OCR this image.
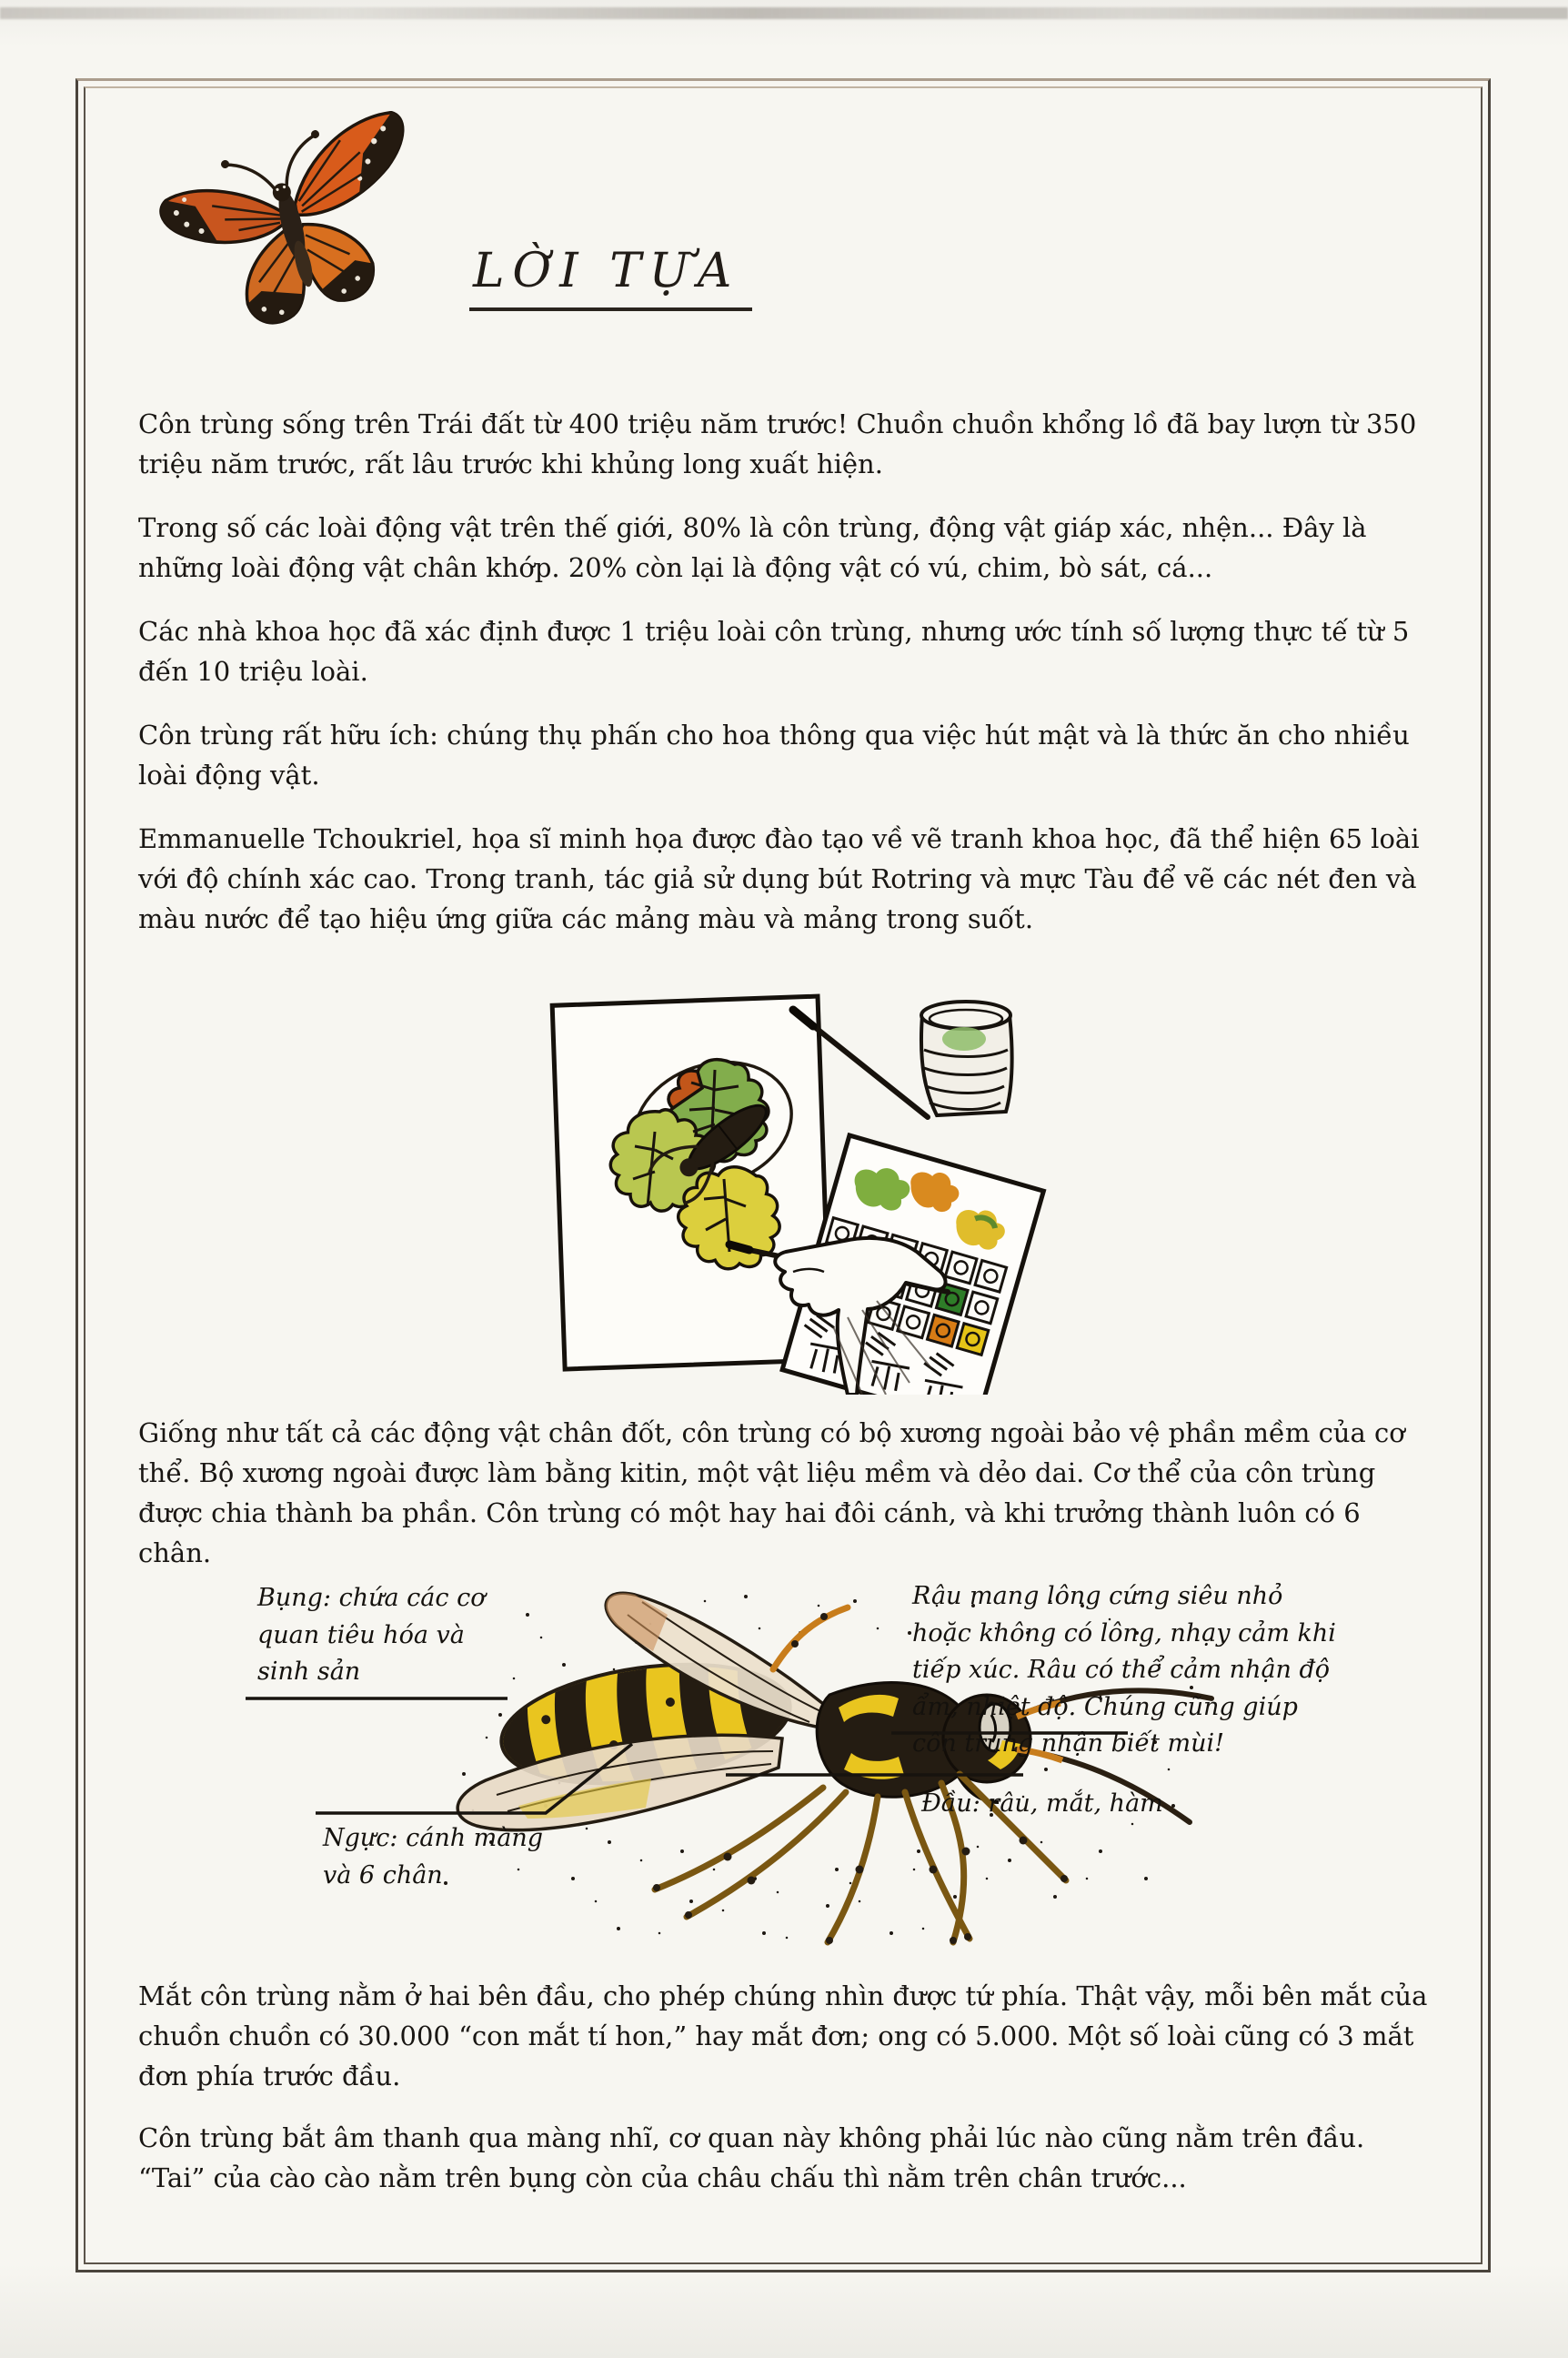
LỜI TỰA

Côn trùng sống trên Trái đất từ 400 triệu năm trước! Chuồn chuồn khổng lồ đã bay lượn từ 350 triệu năm trước, rất lâu trước khi khủng long xuất hiện.

Trong số các loài động vật trên thế giới, 80% là côn trùng, động vật giáp xác, nhện... Đây là những loài động vật chân khớp. 20% còn lại là động vật có vú, chim, bò sát, cá...

Các nhà khoa học đã xác định được 1 triệu loài côn trùng, nhưng ước tính số lượng thực tế từ 5 đến 10 triệu loài.

Côn trùng rất hữu ích: chúng thụ phấn cho hoa thông qua việc hút mật và là thức ăn cho nhiều loài động vật.

Emmanuelle Tchoukriel, họa sĩ minh họa được đào tạo về vẽ tranh khoa học, đã thể hiện 65 loài với độ chính xác cao. Trong tranh, tác giả sử dụng bút Rotring và mực Tàu để vẽ các nét đen và màu nước để tạo hiệu ứng giữa các mảng màu và mảng trong suốt.

Giống như tất cả các động vật chân đốt, côn trùng có bộ xương ngoài bảo vệ phần mềm của cơ thể. Bộ xương ngoài được làm bằng kitin, một vật liệu mềm và dẻo dai. Cơ thể của côn trùng được chia thành ba phần. Côn trùng có một hay hai đôi cánh, và khi trưởng thành luôn có 6 chân.

Bụng: chứa các cơ quan tiêu hóa và sinh sản
Ngực: cánh màng và 6 chân
Râu mang lông cứng siêu nhỏ hoặc không có lông, nhạy cảm khi tiếp xúc. Râu có thể cảm nhận độ ẩm, nhiệt độ. Chúng cũng giúp côn trùng nhận biết mùi!
Đầu: râu, mắt, hàm

Mắt côn trùng nằm ở hai bên đầu, cho phép chúng nhìn được tứ phía. Thật vậy, mỗi bên mắt của chuồn chuồn có 30.000 “con mắt tí hon,” hay mắt đơn; ong có 5.000. Một số loài cũng có 3 mắt đơn phía trước đầu.

Côn trùng bắt âm thanh qua màng nhĩ, cơ quan này không phải lúc nào cũng nằm trên đầu. “Tai” của cào cào nằm trên bụng còn của châu chấu thì nằm trên chân trước...
